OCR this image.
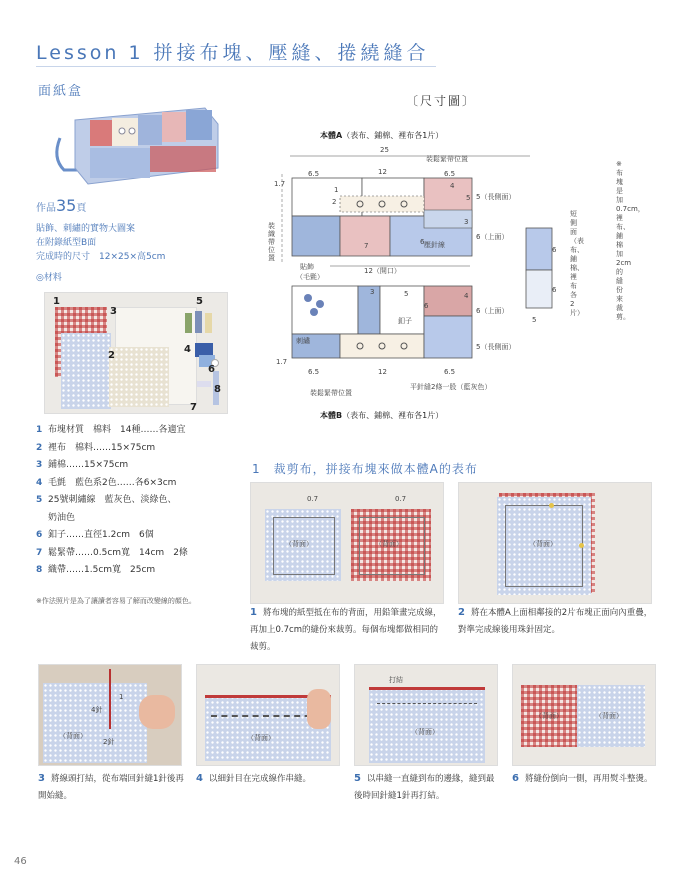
Lesson 1 拼接布塊、壓縫、捲繞縫合
面紙盒
作品35頁
貼飾、刺繡的實物大圖案
在附錄紙型B面
完成時的尺寸　12×25×高5cm
◎材料
1
2
3
4
5
6
7
8
1 布塊材質　棉料　14種……各適宜
2 裡布　棉料……15×75cm
3 鋪棉……15×75cm
4 毛氈　藍色系2色……各6×3cm
5 25號刺繡線　藍灰色、淡綠色、
奶油色
6 釦子……直徑1.2cm　6個
7 鬆緊帶……0.5cm寬　14cm　2條
8 織帶……1.5cm寬　25cm
※作法照片是為了讓讀者容易了解而改變線的顏色。
〔尺寸圖〕
本體A（表布、鋪棉、裡布各1片）
25
裝鬆緊帶位置
6.5	12	6.5
1.7
1
2
3
4
5
6
7
3	5
6
4
5（長側面）
6（上面）
壓針線
裝織帶位置
貼飾
（毛氈）
12（開口）
刺繡
釦子
6（上面）
5（長側面）
1.7
6.5	12	6.5
平針縫2條一股（藍灰色）
裝鬆緊帶位置
本體B（表布、鋪棉、裡布各1片）
短側面（表布、鋪棉、裡布各2片）
6
6
5
※布塊是加0.7cm，裡布、鋪棉加2cm的縫份來裁剪。
1　 裁剪布，拼接布塊來做本體A的表布
0.7	0.7
（背面）	（背面）	（背面）
1 將布塊的紙型抵在布的背面，用鉛筆畫完成線，再加上0.7cm的縫份來裁剪。每個布塊都做相同的裁剪。
2 將在本體A上面相鄰接的2片布塊正面向內重疊，對準完成線後用珠針固定。
（背面）
4針
2針
1
（背面）
打結
（背面）
（背面）	（背面）
3 將線頭打結，從布端回針縫1針後再開始縫。
4 以細針目在完成線作串縫。	5 以串縫一直縫到布的邊緣，縫到最後時回針縫1針再打結。
6 將縫份倒向一側，再用熨斗整燙。
46
